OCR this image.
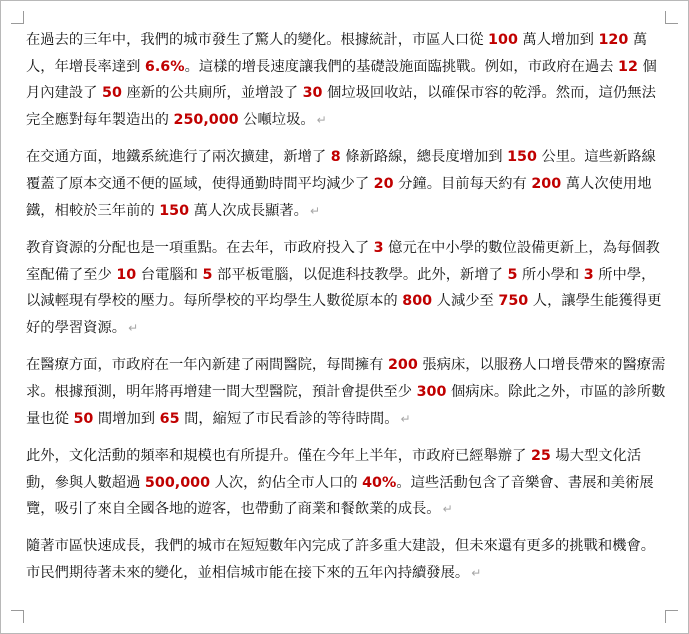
在過去的三年中，我們的城市發生了驚人的變化。根據統計，市區人口從 100 萬人增加到 120 萬人，年增長率達到 6.6%。這樣的增長速度讓我們的基礎設施面臨挑戰。例如，市政府在過去 12 個月內建設了 50 座新的公共廁所，並增設了 30 個垃圾回收站，以確保市容的乾淨。然而，這仍無法完全應對每年製造出的 250,000 公噸垃圾。 ↵

在交通方面，地鐵系統進行了兩次擴建，新增了 8 條新路線，總長度增加到 150 公里。這些新路線覆蓋了原本交通不便的區域，使得通勤時間平均減少了 20 分鐘。目前每天約有 200 萬人次使用地鐵，相較於三年前的 150 萬人次成長顯著。 ↵

教育資源的分配也是一項重點。在去年，市政府投入了 3 億元在中小學的數位設備更新上，為每個教室配備了至少 10 台電腦和 5 部平板電腦，以促進科技教學。此外，新增了 5 所小學和 3 所中學，以減輕現有學校的壓力。每所學校的平均學生人數從原本的 800 人減少至 750 人，讓學生能獲得更好的學習資源。 ↵

在醫療方面，市政府在一年內新建了兩間醫院，每間擁有 200 張病床，以服務人口增長帶來的醫療需求。根據預測，明年將再增建一間大型醫院，預計會提供至少 300 個病床。除此之外，市區的診所數量也從 50 間增加到 65 間，縮短了市民看診的等待時間。 ↵

此外，文化活動的頻率和規模也有所提升。僅在今年上半年，市政府已經舉辦了 25 場大型文化活動，參與人數超過 500,000 人次，約佔全市人口的 40%。這些活動包含了音樂會、書展和美術展覽，吸引了來自全國各地的遊客，也帶動了商業和餐飲業的成長。 ↵

隨著市區快速成長，我們的城市在短短數年內完成了許多重大建設，但未來還有更多的挑戰和機會。市民們期待著未來的變化，並相信城市能在接下來的五年內持續發展。 ↵
